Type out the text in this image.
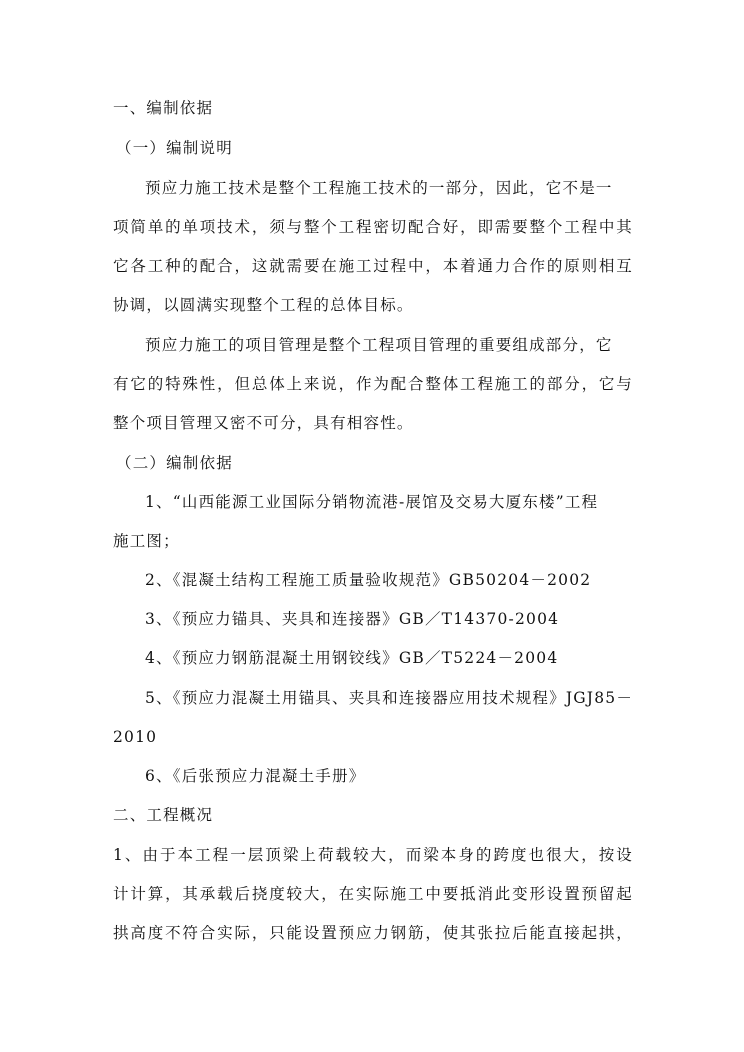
一、编制依据
（一）编制说明
预应力施工技术是整个工程施工技术的一部分，因此，它不是一
项简单的单项技术，须与整个工程密切配合好，即需要整个工程中其
它各工种的配合，这就需要在施工过程中，本着通力合作的原则相互
协调，以圆满实现整个工程的总体目标。
预应力施工的项目管理是整个工程项目管理的重要组成部分，它
有它的特殊性，但总体上来说，作为配合整体工程施工的部分，它与
整个项目管理又密不可分，具有相容性。
（二）编制依据
1、“山西能源工业国际分销物流港-展馆及交易大厦东楼”工程
施工图；
2、《混凝土结构工程施工质量验收规范》GB50204－2002
3、《预应力锚具、夹具和连接器》GB／T14370-2004
4、《预应力钢筋混凝土用钢铰线》GB／T5224－2004
5、《预应力混凝土用锚具、夹具和连接器应用技术规程》JGJ85－
2010
6、《后张预应力混凝土手册》
二、工程概况
1、由于本工程一层顶梁上荷载较大，而梁本身的跨度也很大，按设
计计算，其承载后挠度较大，在实际施工中要抵消此变形设置预留起
拱高度不符合实际，只能设置预应力钢筋，使其张拉后能直接起拱，
